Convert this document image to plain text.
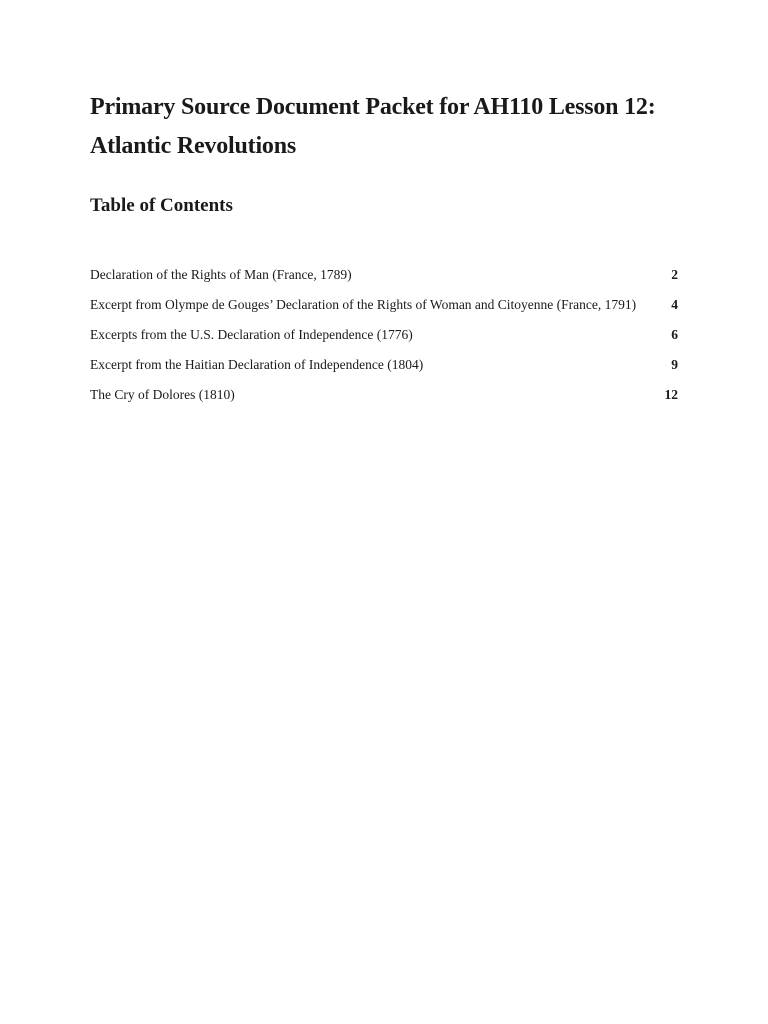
Primary Source Document Packet for AH110 Lesson 12: Atlantic Revolutions
Table of Contents
Declaration of the Rights of Man (France, 1789)	2
Excerpt from Olympe de Gouges’ Declaration of the Rights of Woman and Citoyenne (France, 1791)	4
Excerpts from the U.S. Declaration of Independence (1776)	6
Excerpt from the Haitian Declaration of Independence (1804)	9
The Cry of Dolores (1810)	12
